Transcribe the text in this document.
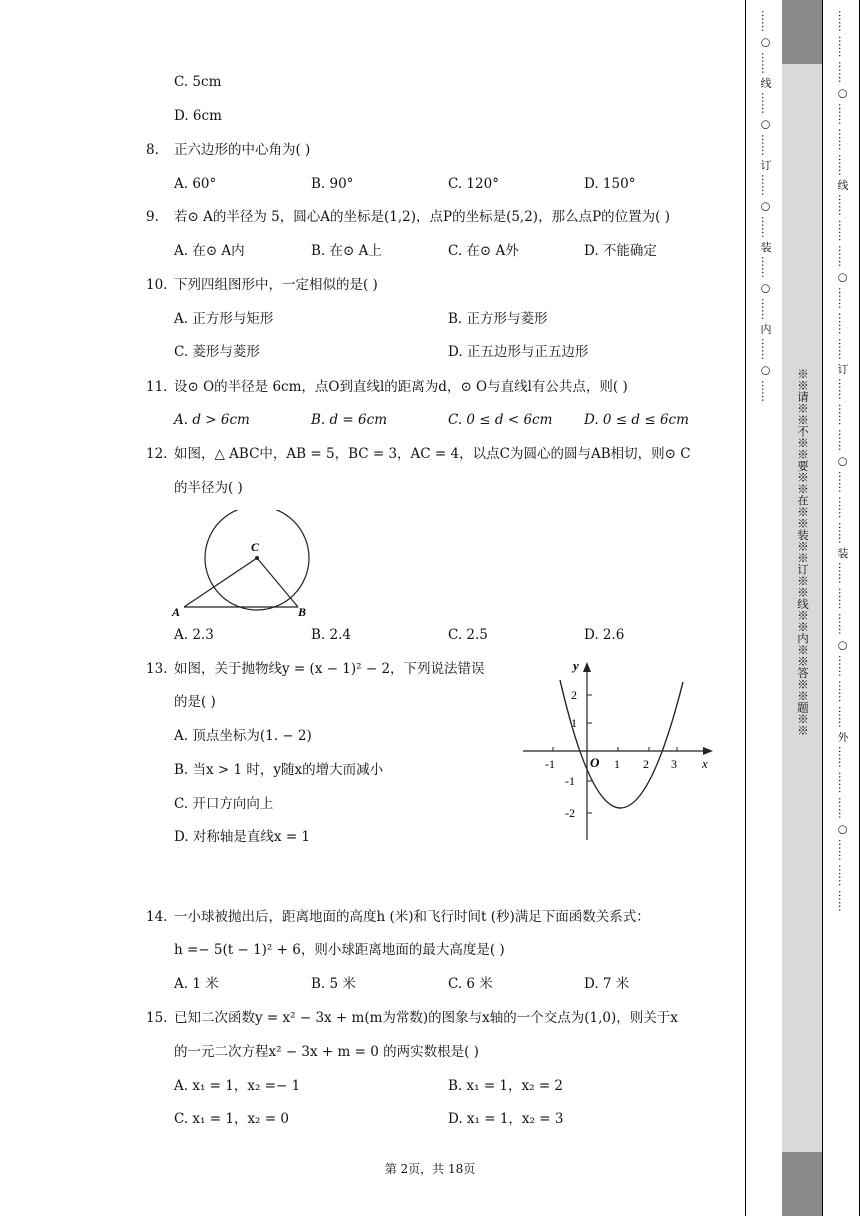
C. 5cm
D. 6cm
8. 正六边形的中心角为( )
A. 60°	B. 90°	C. 120°	D. 150°
9. 若⊙ A的半径为 5，圆心A的坐标是(1,2)，点P的坐标是(5,2)，那么点P的位置为( )
A. 在⊙ A内	B. 在⊙ A上	C. 在⊙ A外	D. 不能确定
10. 下列四组图形中，一定相似的是( )
A. 正方形与矩形	B. 正方形与菱形
C. 菱形与菱形	D. 正五边形与正五边形
11. 设⊙ O的半径是 6cm，点O到直线l的距离为d，⊙ O与直线l有公共点，则( )
A. d > 6cm	B. d = 6cm	C. 0 ≤ d < 6cm D. 0 ≤ d ≤ 6cm
12. 如图，△ ABC中，AB = 5，BC = 3，AC = 4，以点C为圆心的圆与AB相切，则⊙ C
的半径为( )
C
A	B
A. 2.3	B. 2.4	C. 2.5	D. 2.6
13. 如图，关于抛物线y = (x − 1)² − 2，下列说法错误
的是( )
A. 顶点坐标为(1. − 2)
B. 当x > 1 时，y随x的增大而减小
C. 开口方向向上
D. 对称轴是直线x = 1
y
x
O
-1	1 2 3
2
1
-1
-2
14. 一小球被抛出后，距离地面的高度h (米)和飞行时间t (秒)满足下面函数关系式：
h =− 5(t − 1)² + 6，则小球距离地面的最大高度是( )
A. 1 米	B. 5 米	C. 6 米	D. 7 米
15. 已知二次函数y = x² − 3x + m(m为常数)的图象与x轴的一个交点为(1,0)，则关于x
的一元二次方程x² − 3x + m = 0 的两实数根是( )
A. x₁ = 1，x₂ =− 1	B. x₁ = 1，x₂ = 2
C. x₁ = 1，x₂ = 0	D. x₁ = 1，x₂ = 3
第 2页，共 18页
…… ○ …… 线 …… ○ …… 订 …… ○ …… 装 …… ○ …… 内 …… ○ ……
※※请※※不※※要※※在※※装※※订※※线※※内※※答※※题※※ …… …… …… ○ …… …… …… 线 …… …… …… ○ …… …… …… 订 …… …… …… ○ …… …… …… 装 …… …… …… ○ …… …… …… 外 …… …… …… ○ …… …… ……
